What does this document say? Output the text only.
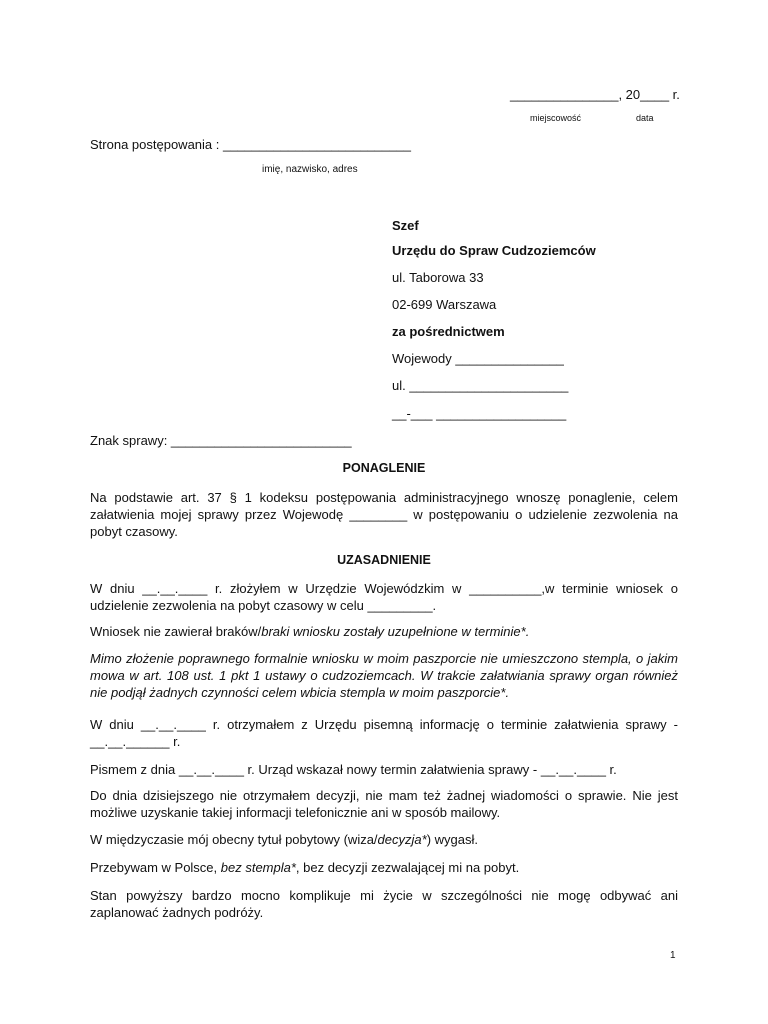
_______________, 20____ r.
miejscowość	data
Strona postępowania : __________________________
imię, nazwisko, adres
Szef
Urzędu do Spraw Cudzoziemców
ul. Taborowa 33
02-699 Warszawa
za pośrednictwem
Wojewody _______________
ul. ______________________
__-___ __________________
Znak sprawy: _________________________
PONAGLENIE
Na podstawie art. 37 § 1 kodeksu postępowania administracyjnego wnoszę ponaglenie, celem załatwienia mojej sprawy przez Wojewodę ________ w postępowaniu o udzielenie zezwolenia na pobyt czasowy.
UZASADNIENIE
W dniu __.__.____ r. złożyłem w Urzędzie Wojewódzkim w __________,w terminie wniosek o udzielenie zezwolenia na pobyt czasowy w celu _________.
Wniosek nie zawierał braków/braki wniosku zostały uzupełnione w terminie*.
Mimo złożenie poprawnego formalnie wniosku w moim paszporcie nie umieszczono stempla, o jakim mowa w art. 108 ust. 1 pkt 1 ustawy o cudzoziemcach. W trakcie załatwiania sprawy organ również nie podjął żadnych czynności celem wbicia stempla w moim paszporcie*.
W dniu __.__.____ r. otrzymałem z Urzędu pisemną informację o terminie załatwienia sprawy - __.__.______ r.
Pismem z dnia __.__.____ r. Urząd wskazał nowy termin załatwienia sprawy - __.__.____ r.
Do dnia dzisiejszego nie otrzymałem decyzji, nie mam też żadnej wiadomości o sprawie. Nie jest możliwe uzyskanie takiej informacji telefonicznie ani w sposób mailowy.
W międzyczasie mój obecny tytuł pobytowy (wiza/decyzja*) wygasł.
Przebywam w Polsce, bez stempla*, bez decyzji zezwalającej mi na pobyt.
Stan powyższy bardzo mocno komplikuje mi życie w szczególności nie mogę odbywać ani zaplanować żadnych podróży.
1
